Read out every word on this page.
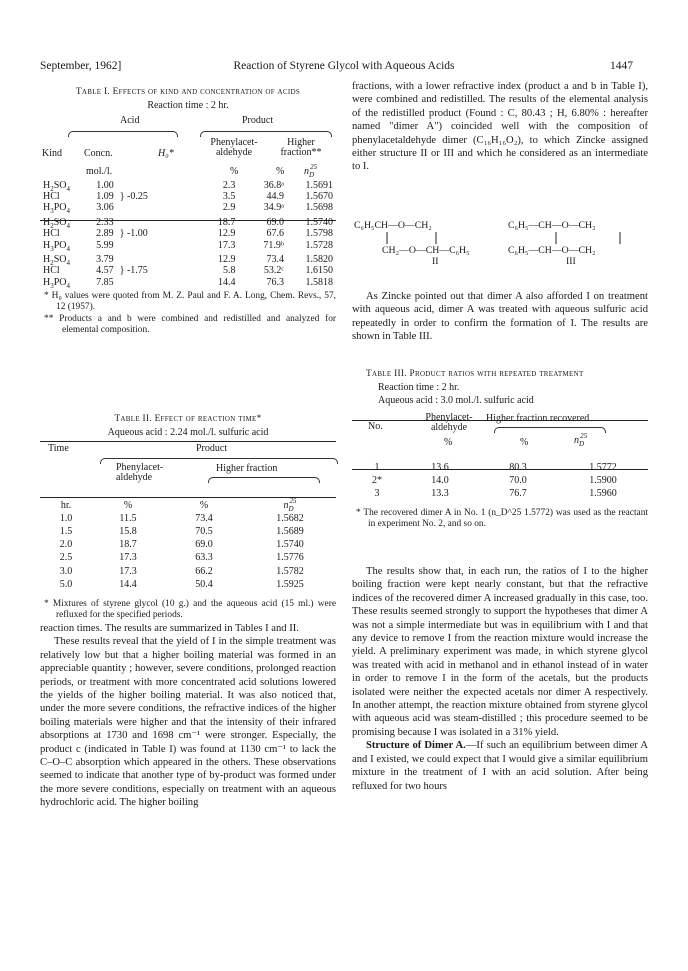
September, 1962]	Reaction of Styrene Glycol with Aqueous Acids	1447
Table I. Effects of kind and concentration of acids
Reaction time : 2 hr.
Acid	Product
Phenylacet-aldehyde
Higher fraction**
Kind Concn.	H₀*
mol./l.	%	% $n_D^{25}$
$H_2SO_4$	1.00		2.3	36.8ᵃ	1.5691
HCl	1.09	} -0.25	3.5	44.9	1.5670
$H_3PO_4$	3.06		2.9	34.9ᵃ	1.5698
$H_2SO_4$	2.33		18.7	69.0	1.5740
HCl	2.89	} -1.00	12.9	67.6	1.5798
$H_3PO_4$	5.99		17.3	71.9ᵇ	1.5728
$H_2SO_4$	3.79		12.9	73.4	1.5820
HCl	4.57	} -1.75	5.8	53.2ᶜ	1.6150
$H_3PO_4$	7.85		14.4	76.3	1.5818
* H₀ values were quoted from M. Z. Paul and F. A. Long, Chem. Revs., 57, 12 (1957).
** Products a and b were combined and redistilled and analyzed for elemental composition.
Table II. Effect of reaction time*
Aqueous acid : 2.24 mol./l. sulfuric acid
Time	Product
Phenylacet-aldehyde
Higher fraction
hr.	%	%	$n_D^{25}$
1.0	11.5	73.4	1.5682
1.5	15.8	70.5	1.5689
2.0	18.7	69.0	1.5740
2.5	17.3	63.3	1.5776
3.0	17.3	66.2	1.5782
5.0	14.4	50.4	1.5925
* Mixtures of styrene glycol (10 g.) and the aqueous acid (15 ml.) were refluxed for the specified periods.

reaction times. The results are summarized in Tables I and II.

These results reveal that the yield of I in the simple treatment was relatively low but that a higher boiling material was formed in an appreciable quantity ; however, severe conditions, prolonged reaction periods, or treatment with more concentrated acid solutions lowered the yields of the higher boiling material. It was also noticed that, under the more severe conditions, the refractive indices of the higher boiling materials were higher and that the intensity of their infrared absorptions at 1730 and 1698 cm⁻¹ were stronger. Especially, the product c (indicated in Table I) was found at 1130 cm⁻¹ to lack the C–O–C absorption which appeared in the others. These observations seemed to indicate that another type of by-product was formed under the more severe conditions, especially on treatment with an aqueous hydrochloric acid. The higher boiling

fractions, with a lower refractive index (product a and b in Table I), were combined and redistilled. The results of the elemental analysis of the redistilled product (Found : C, 80.43 ; H, 6.80% : hereafter named "dimer A") coincided well with the composition of phenylacetaldehyde dimer (C₁₆H₁₆O₂), to which Zincke assigned either structure II or III and which he considered as an intermediate to I.

C₆H₅CH—O—CH₂
CH₂—O—CH—C₆H₅
II
C₆H₅—CH—O—CH₂
C₆H₅—CH—O—CH₂
III

As Zincke pointed out that dimer A also afforded I on treatment with aqueous acid, dimer A was treated with aqueous sulfuric acid repeatedly in order to confirm the formation of I. The results are shown in Table III.

Table III. Product ratios with repeated treatment
Reaction time : 2 hr.
Aqueous acid : 3.0 mol./l. sulfuric acid
No.
Phenylacet-aldehyde
Higher fraction recovered
%	%	$n_D^{25}$
1	13.6	80.3	1.5772
2*	14.0	70.0	1.5900
3	13.3	76.7	1.5960
* The recovered dimer A in No. 1 (n_D^25 1.5772) was used as the reactant in experiment No. 2, and so on.

The results show that, in each run, the ratios of I to the higher boiling fraction were kept nearly constant, but that the refractive indices of the recovered dimer A increased gradually in this case, too. These results seemed strongly to support the hypotheses that dimer A was not a simple intermediate but was in equilibrium with I and that any device to remove I from the reaction mixture would increase the yield. A preliminary experiment was made, in which styrene glycol was treated with acid in methanol and in ethanol instead of in water in order to remove I in the form of the acetals, but the products isolated were neither the expected acetals nor dimer A respectively. In another attempt, the reaction mixture obtained from styrene glycol with aqueous acid was steam-distilled ; this procedure seemed to be promising because I was isolated in a 31% yield.

Structure of Dimer A.—If such an equilibrium between dimer A and I existed, we could expect that I would give a similar equilibrium mixture in the treatment of I with an acid solution. After being refluxed for two hours
